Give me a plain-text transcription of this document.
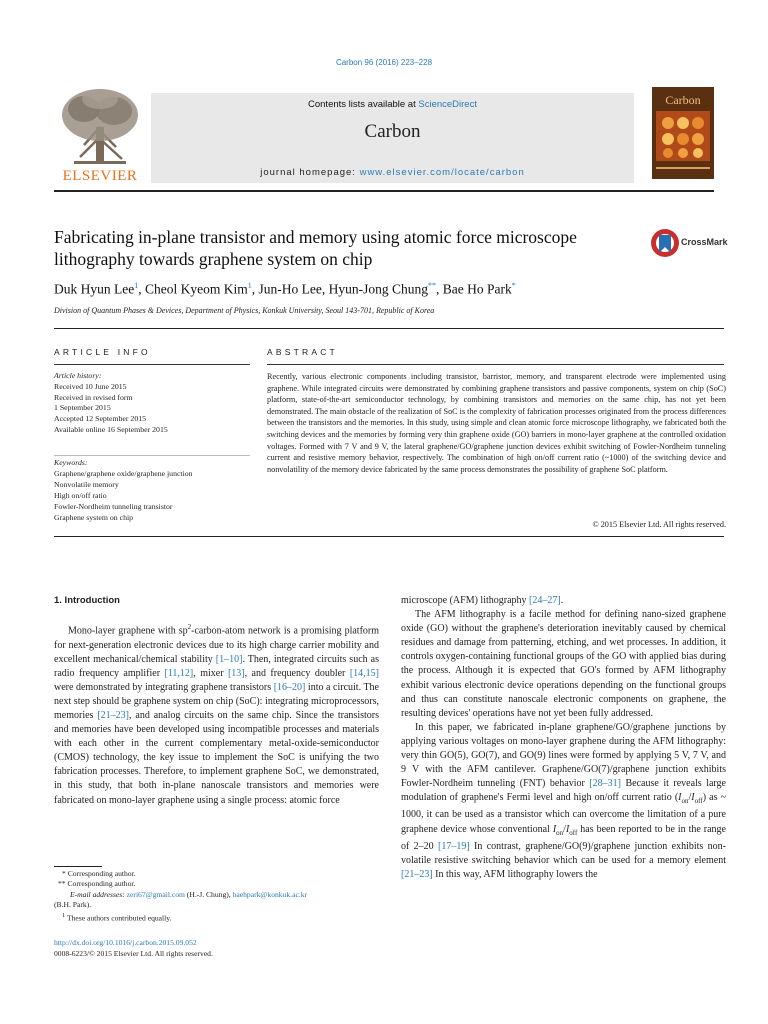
Carbon 96 (2016) 223–228
ELSEVIER
Contents lists available at ScienceDirect
Carbon
journal homepage: www.elsevier.com/locate/carbon
Carbon
Fabricating in-plane transistor and memory using atomic force microscope lithography towards graphene system on chip
CrossMark
Duk Hyun Lee$^1$, Cheol Kyeom Kim$^1$, Jun-Ho Lee, Hyun-Jong Chung**, Bae Ho Park*
Division of Quantum Phases & Devices, Department of Physics, Konkuk University, Seoul 143-701, Republic of Korea
ARTICLE INFO	ABSTRACT
Article history:
Received 10 June 2015
Received in revised form
1 September 2015
Accepted 12 September 2015
Available online 16 September 2015
Keywords:
Graphene/graphene oxide/graphene junction
Nonvolatile memory
High on/off ratio
Fowler-Nordheim tunneling transistor
Graphene system on chip
Recently, various electronic components including transistor, barristor, memory, and transparent electrode were implemented using graphene. While integrated circuits were demonstrated by combining graphene transistors and passive components, system on chip (SoC) platform, state-of-the-art semiconductor technology, by combining transistors and memories on the same chip, has not yet been demonstrated. The main obstacle of the realization of SoC is the complexity of fabrication processes originated from the process differences between the transistors and the memories. In this study, using simple and clean atomic force microscope lithography, we fabricated both the switching devices and the memories by forming very thin graphene oxide (GO) barriers in mono-layer graphene at the controlled oxidation voltages. Formed with 7 V and 9 V, the lateral graphene/GO/graphene junction devices exhibit switching of Fowler-Nordheim tunneling current and resistive memory behavior, respectively. The combination of high on/off current ratio (~1000) of the switching device and nonvolatility of the memory device fabricated by the same process demonstrates the possibility of graphene SoC platform.
© 2015 Elsevier Ltd. All rights reserved.
1. Introduction

Mono-layer graphene with $sp^2-carbon$-atom network is a promising platform for next-generation electronic devices due to its high charge carrier mobility and excellent mechanical/chemical stability [1–10]. Then, integrated circuits such as radio frequency amplifier [11,12], mixer [13], and frequency doubler [14,15] were demonstrated by integrating graphene transistors [16–20] into a circuit. The next step should be graphene system on chip (SoC): integrating microprocessors, memories [21–23], and analog circuits on the same chip. Since the transistors and memories have been developed using incompatible processes and materials with each other in the current complementary metal-oxide-semiconductor (CMOS) technology, the key issue to implement the SoC is unifying the two fabrication processes. Therefore, to implement graphene SoC, we demonstrated, in this study, that both in-plane nanoscale transistors and memories were fabricated on mono-layer graphene using a single process: atomic force

microscope (AFM) lithography [24–27].

The AFM lithography is a facile method for defining nano-sized graphene oxide (GO) without the graphene's deterioration inevitably caused by chemical residues and damage from patterning, etching, and wet processes. In addition, it controls oxygen-containing functional groups of the GO with applied bias during the process. Although it is expected that GO's formed by AFM lithography exhibit various electronic device operations depending on the functional groups and thus can constitute nanoscale electronic components on graphene, the resulting devices' operations have not yet been fully addressed.

In this paper, we fabricated in-plane graphene/GO/graphene junctions by applying various voltages on mono-layer graphene during the AFM lithography: very thin GO(5), GO(7), and GO(9) lines were formed by applying 5 V, 7 V, and 9 V with the AFM cantilever. Graphene/GO(7)/graphene junction exhibits Fowler-Nordheim tunneling (FNT) behavior [28–31] Because it reveals large modulation of graphene's Fermi level and high on/off current ratio $(I_{on}/I_{off})$ as ~ 1000, it can be used as a transistor which can overcome the limitation of a pure graphene device whose conventional $I_{on}/I_{off}$ has been reported to be in the range of 2–20 [17–19] In contrast, graphene/GO(9)/graphene junction exhibits non-volatile resistive switching behavior which can be used for a memory element [21–23] In this way, AFM lithography lowers the

* Corresponding author.
** Corresponding author.
E-mail addresses: zeri67@gmail.com (H.-J. Chung), baehpark@konkuk.ac.kr
(B.H. Park).
$^1$ These authors contributed equally.
http://dx.doi.org/10.1016/j.carbon.2015.09.052
0008-6223/© 2015 Elsevier Ltd. All rights reserved.
